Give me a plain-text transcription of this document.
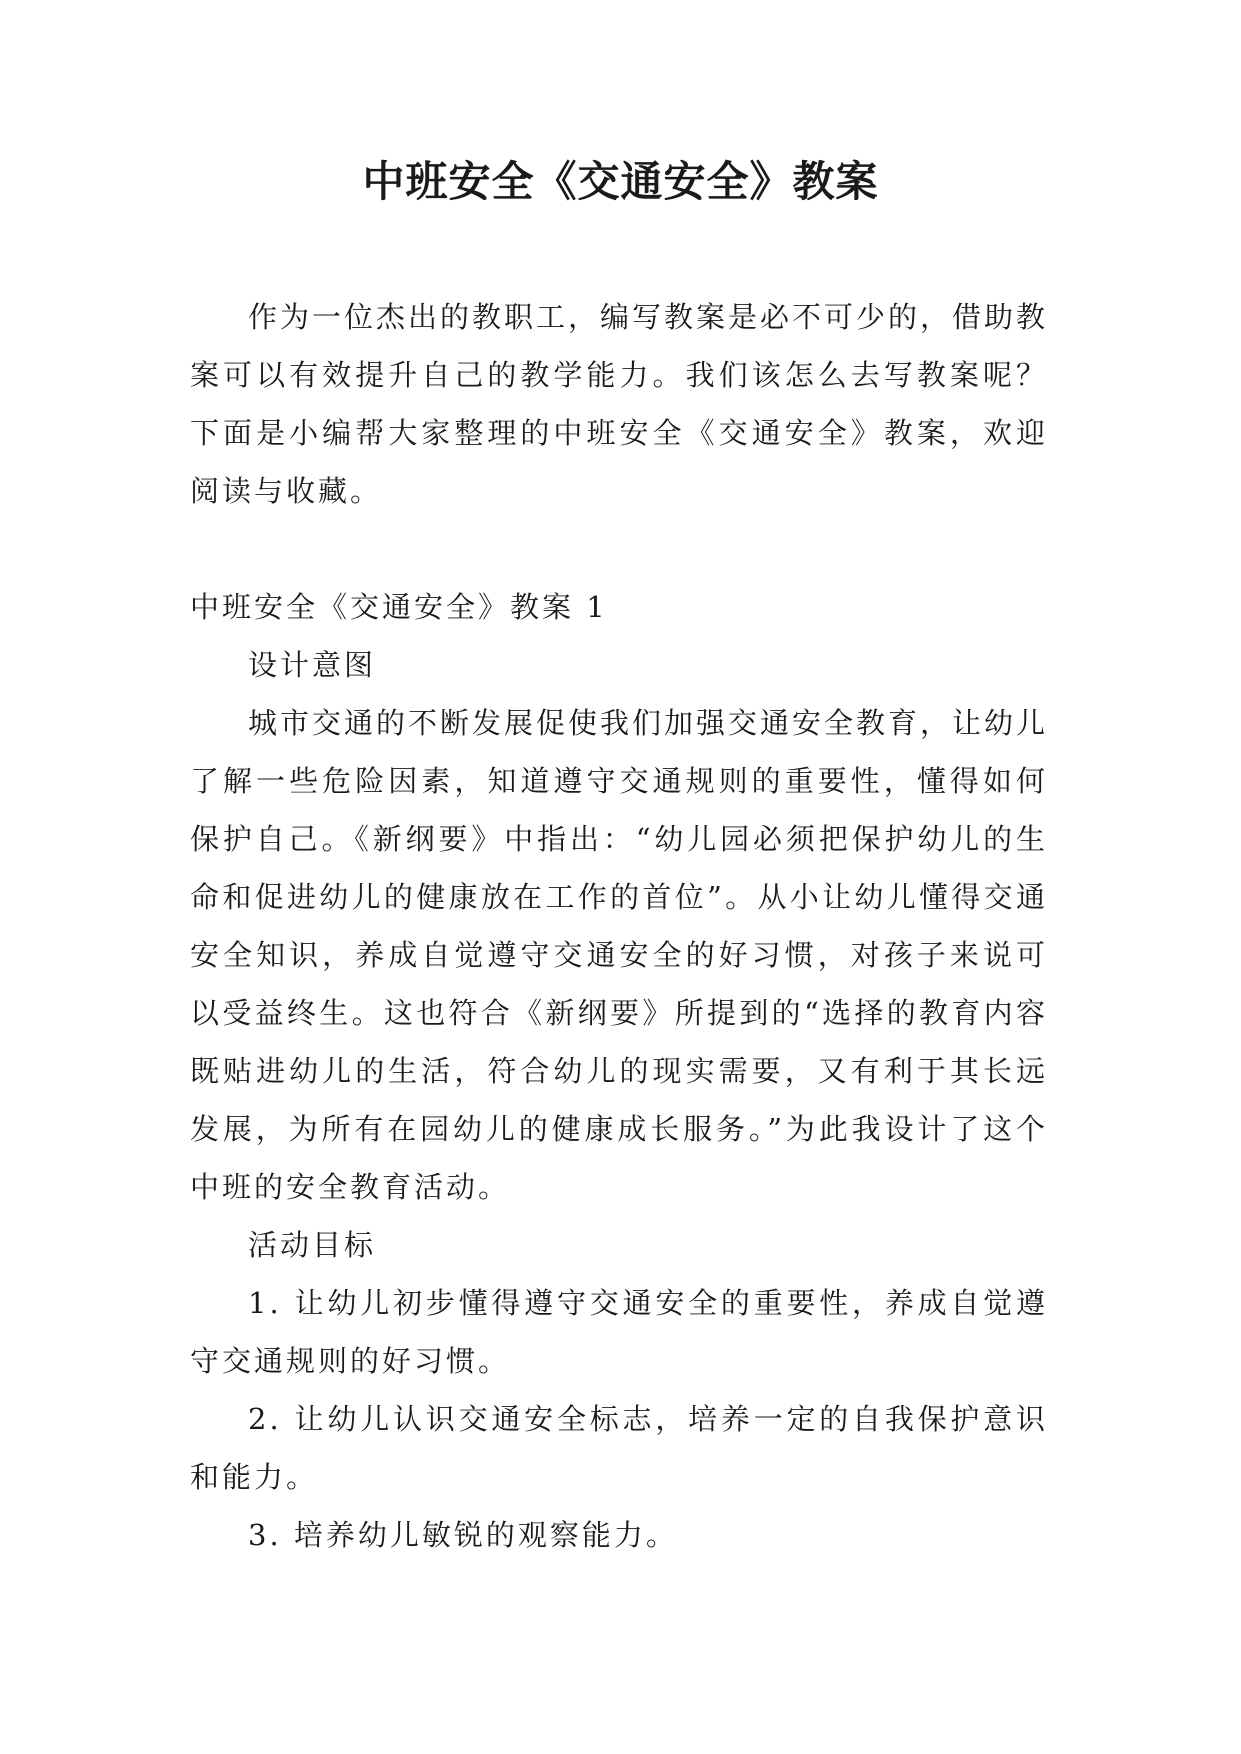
中班安全《交通安全》教案

作为一位杰出的教职工，编写教案是必不可少的，借助教案可以有效提升自己的教学能力。我们该怎么去写教案呢？下面是小编帮大家整理的中班安全《交通安全》教案，欢迎阅读与收藏。

中班安全《交通安全》教案 1

设计意图

城市交通的不断发展促使我们加强交通安全教育，让幼儿了解一些危险因素，知道遵守交通规则的重要性，懂得如何保护自己。《新纲要》中指出：“幼儿园必须把保护幼儿的生命和促进幼儿的健康放在工作的首位”。从小让幼儿懂得交通安全知识，养成自觉遵守交通安全的好习惯，对孩子来说可以受益终生。这也符合《新纲要》所提到的“选择的教育内容既贴进幼儿的生活，符合幼儿的现实需要，又有利于其长远发展，为所有在园幼儿的健康成长服务。”为此我设计了这个中班的安全教育活动。

活动目标

1. 让幼儿初步懂得遵守交通安全的重要性，养成自觉遵守交通规则的好习惯。

2. 让幼儿认识交通安全标志，培养一定的自我保护意识和能力。

3. 培养幼儿敏锐的观察能力。
